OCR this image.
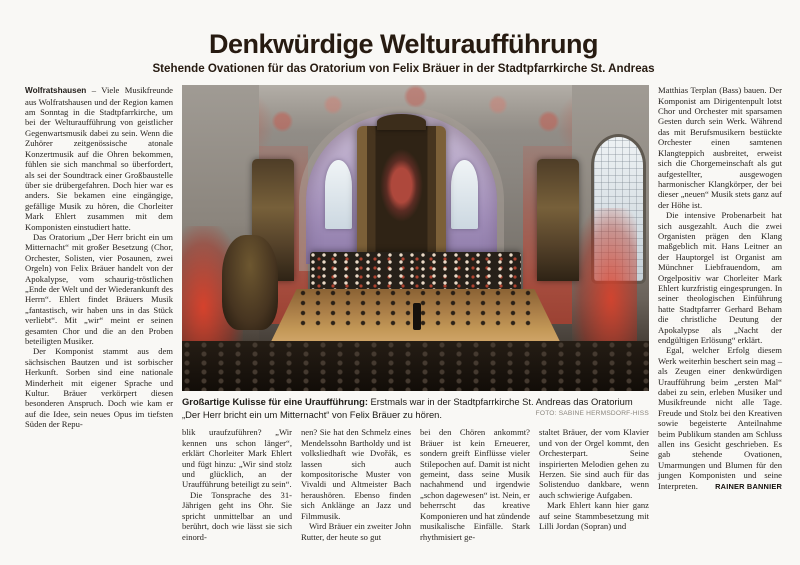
Denkwürdige Welturaufführung
Stehende Ovationen für das Oratorium von Felix Bräuer in der Stadtpfarrkirche St. Andreas

Wolfratshausen – Viele Musikfreunde aus Wolfratshausen und der Region kamen am Sonntag in die Stadtpfarrkirche, um bei der Welturaufführung von geistlicher Gegenwartsmusik dabei zu sein. Wenn die Zuhörer zeitgenössische atonale Konzertmusik auf die Ohren bekommen, fühlen sie sich manchmal so überfordert, als sei der Soundtrack einer Großbaustelle über sie drübergefahren. Doch hier war es anders. Sie bekamen eine eingängige, gefällige Musik zu hören, die Chorleiter Mark Ehlert zusammen mit dem Komponisten einstudiert hatte.

Das Oratorium „Der Herr bricht ein um Mitternacht“ mit großer Besetzung (Chor, Orchester, Solisten, vier Posaunen, zwei Orgeln) von Felix Bräuer handelt von der Apokalypse, vom schaurig-tröstlichen „Ende der Welt und der Wiederankunft des Herrn“. Ehlert findet Bräuers Musik „fantastisch, wir haben uns in das Stück verliebt“. Mit „wir“ meint er seinen gesamten Chor und die an den Proben beteiligten Musiker.

Der Komponist stammt aus dem sächsischen Bautzen und ist sorbischer Herkunft. Sorben sind eine nationale Minderheit mit eigener Sprache und Kultur. Bräuer verkörpert diesen besonderen Anspruch. Doch wie kam er auf die Idee, sein neues Opus im tiefsten Süden der Repu-

Großartige Kulisse für eine Uraufführung: Erstmals war in der Stadtpfarrkirche St. Andreas das Oratorium „Der Herr bricht ein um Mitternacht“ von Felix Bräuer zu hören.	FOTO: SABINE HERMSDORF-HISS

blik uraufzuführen? „Wir kennen uns schon länger“, erklärt Chorleiter Mark Ehlert und fügt hinzu: „Wir sind stolz und glücklich, an der Uraufführung beteiligt zu sein“.

Die Tonsprache des 31-Jährigen geht ins Ohr. Sie spricht unmittelbar an und berührt, doch wie lässt sie sich einord-

nen? Sie hat den Schmelz eines Mendelssohn Bartholdy und ist volksliedhaft wie Dvořák, es lassen sich auch kompositorische Muster von Vivaldi und Altmeister Bach heraushören. Ebenso finden sich Anklänge an Jazz und Filmmusik.

Wird Bräuer ein zweiter John Rutter, der heute so gut

bei den Chören ankommt? Bräuer ist kein Erneuerer, sondern greift Einflüsse vieler Stilepochen auf. Damit ist nicht gemeint, dass seine Musik nachahmend und irgendwie „schon dagewesen“ ist. Nein, er beherrscht das kreative Komponieren und hat zündende musikalische Einfälle. Stark rhythmisiert ge-

staltet Bräuer, der vom Klavier und von der Orgel kommt, den Orchesterpart. Seine inspirierten Melodien gehen zu Herzen. Sie sind auch für das Solistenduo dankbare, wenn auch schwierige Aufgaben.

Mark Ehlert kann hier ganz auf seine Stammbesetzung mit Lilli Jordan (Sopran) und

Matthias Terplan (Bass) bauen. Der Komponist am Dirigentenpult lotst Chor und Orchester mit sparsamen Gesten durch sein Werk. Während das mit Berufsmusikern bestückte Orchester einen samtenen Klangteppich ausbreitet, erweist sich die Chorgemeinschaft als gut aufgestellter, ausgewogen harmonischer Klangkörper, der bei dieser „neuen“ Musik stets ganz auf der Höhe ist.

Die intensive Probenarbeit hat sich ausgezahlt. Auch die zwei Organisten prägen den Klang maßgeblich mit. Hans Leitner an der Hauptorgel ist Organist am Münchner Liebfrauendom, am Orgelpositiv war Chorleiter Mark Ehlert kurzfristig eingesprungen. In seiner theologischen Einführung hatte Stadtpfarrer Gerhard Beham die christliche Deutung der Apokalypse als „Nacht der endgültigen Erlösung“ erklärt.

Egal, welcher Erfolg diesem Werk weiterhin beschert sein mag – als Zeugen einer denkwürdigen Uraufführung beim „ersten Mal“ dabei zu sein, erleben Musiker und Musikfreunde nicht alle Tage. Freude und Stolz bei den Kreativen sowie begeisterte Anteilnahme beim Publikum standen am Schluss allen ins Gesicht geschrieben. Es gab stehende Ovationen, Umarmungen und Blumen für den jungen Komponisten und seine Interpreten.	RAINER BANNIER
